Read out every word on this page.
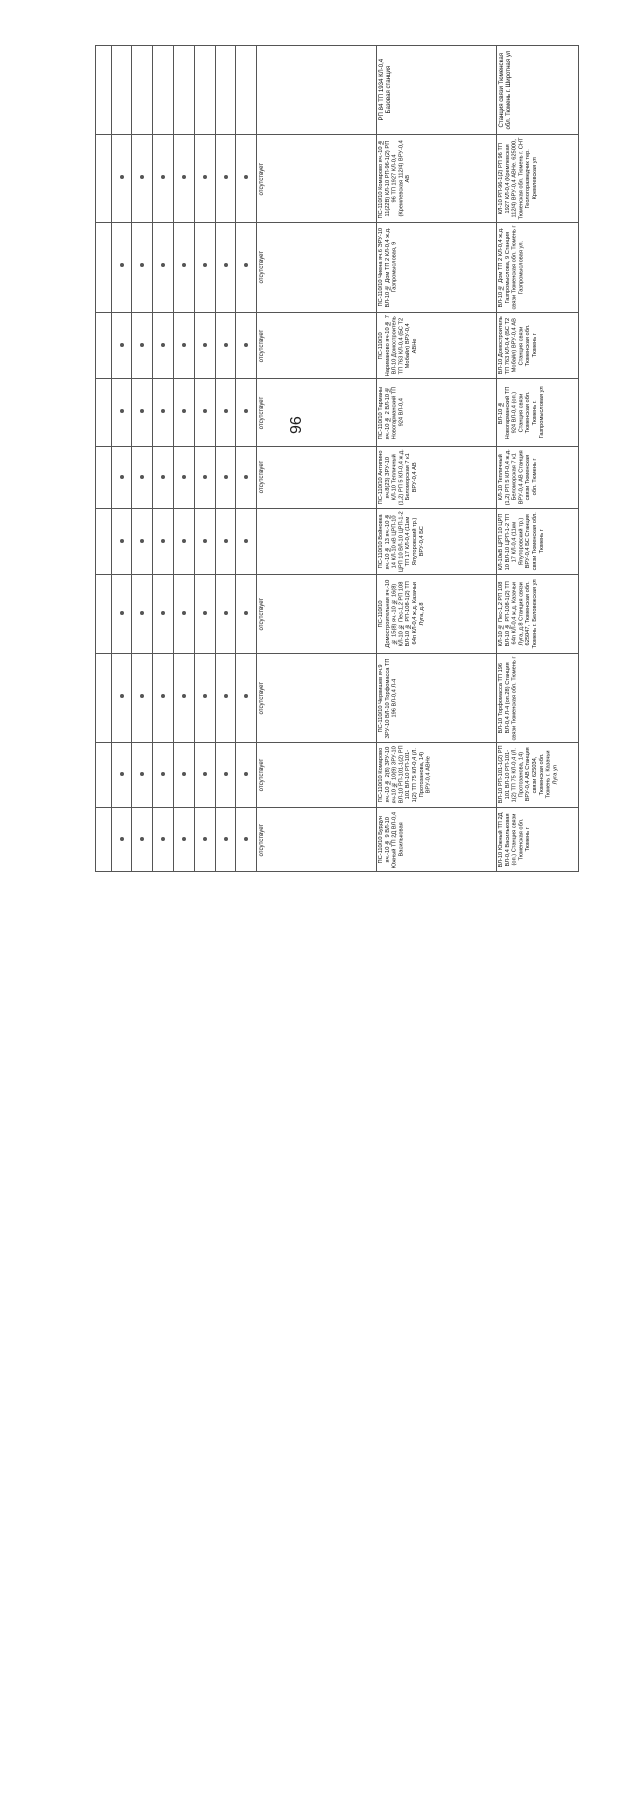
96

									РП 84 ТП 1934 КЛ-0,4 Базовая станция	Станция связи Тюменская обл. Тюмень г. Широтная ул

								отсутствует	ПС-110/10 Комарово яч.-10 № 11(22В) КЛ-10 РП-96-1(2) РП 96 ТП 1927 КЛ-0,4 (Кремлевская 112/4) ВРУ-0,4 АВ	КЛ-10 РП-96-1(2) РП 96 ТП 1927 КЛ-0,4 (Кремлевская 112/4) ВРУ-0,4 АВНе. 625000, Тюменская обл. Тюмень г. СНТ Геологоразведчик тер. Кремлевская ул

								отсутствует	ПС-110/10 Чиена яч.6 ЭРУ-10 ВЛ-10 № Дом ТП 2 КЛ-0,4 ж.д. Газпромысловая, 9	ВЛ-10 № Дом ТП 2 КЛ-0,4 ж.д. Газпромыслова, 9 Станция связи Тюменская обл. Тюмень г Газпромысловая ул.

								отсутствует	ПС-110/10 Наримановo яч-10 № 7 ВЛ-10 Домостроитель ТП 763 КЛ-0,4 (БС T2 Мобайл) ВРУ-0,4 АВНе	ВЛ-10 Домостроитель ТП 763 КЛ-0,4 (БС T2 Мобайл) ВРУ-0,4 АВ Станция связи Тюменская обл. Тюмень г

								отсутствует	ПС-110/10 Тарманы яч.-10 № 2 ВЛ-10 № Новогарманский ТП 924 ВЛ-0,4	ВЛ-10 № Новогарманский ТП 924 ВЛ-0,4 (оп.) Станция связи Тюменская обл. Тюмень г. Газпромысловая ул

								отсутствует	ПС-110/10 Антипино яч.8(23) ЗРУ-10 КЛ-10 Тепличный (1,2) РП 5 КЛ-0,4 ж.д. Беломорская 7 к1 ВРУ-0,4 АВ	КЛ-10 Тепличный (1,2) РП 5 КЛ-0,4 ж.д. Беломорская 7 к1 ВРУ-0,4 АВ Станция связи Тюменская обл. Тюмень г

									ПС-110/10 Войновка яч.-10 № 13 яч.-10 № 14 КЛ-10 кВ ЦРП-10 ЦРП 10 ВЛ-10 ЦРП-1-2 ТП 17 КЛ-0,4 (11км Ялуторовский тр.) ВРУ-0,4 БС	КЛ-10кВ ЦРП 10 ЦРП 10 ВЛ-10 ЦРП-1-2 ТП 17 КЛ-0,4 (11км Ялуторовский тр.) ВРУ-0,4 БС Станция связи Тюменская обл. Тюмень г

								отсутствует	ПС-110/10 Домостроительная яч.-10 № 15(8) яч.-10 № 16(8) КЛ-10 № Пес-1,2 РП 108 ВЛ-10 № РП-108-1(2) ТП 64п КЛ-0,4 ж.д. Казачьи Луга, д.8	КЛ-10 № Пес-1,2 РП 108 ВЛ-10 № РП-108-1(2) ТП 64п КЛ-0,4 ж.д. Казачьи Луга, д.8 Станция связи 625047, Тюменская обл. Тюмень г. Беловежская ул

								отсутствует	ПС-110/10 Червишев яч.9 ЗРУ-10 ВЛ-10 Торфомасса ТП 196 ВЛ-0,4 Л-4	ВЛ-10 Торфомасса ТП 196 ВЛ-0,4 Л-4 (оп.28) Станция связи Тюменская обл. Тюмень г

								отсутствует	ПС-110/10 Комарово яч.-10 № 2(8) ЗРУ-10 яч-10 № 10(9) ЗРУ-10 ВЛ-10 РП-101-1(2) РП 101 ВЛ-10 РП-101-1(2) ТП 75 КЛ-0,4 (Л. Протозанова, 14) ВРУ-0,4 АВНе	ВЛ-10 РП-101-1(2) РП 101 ВЛ-10 РП-101-1(2) ТП 75 КЛ-0,4 (Л. Протозанова, 14) ВРУ-0,4 АВ Станция связи 625034, Тюменская обл. Тюмень г. Казачьи Луга ул

								отсутствует	ПС-110/10 Бурдун яч.-10 № 9 ВЛ-10 Южный ТП 2Д ВЛ-0,4 Васильковая	ВЛ-10 Южный ТП 2Д ВЛ-0,4 Васильковая (оп.) Станция связи Тюменская обл. Тюмень г
